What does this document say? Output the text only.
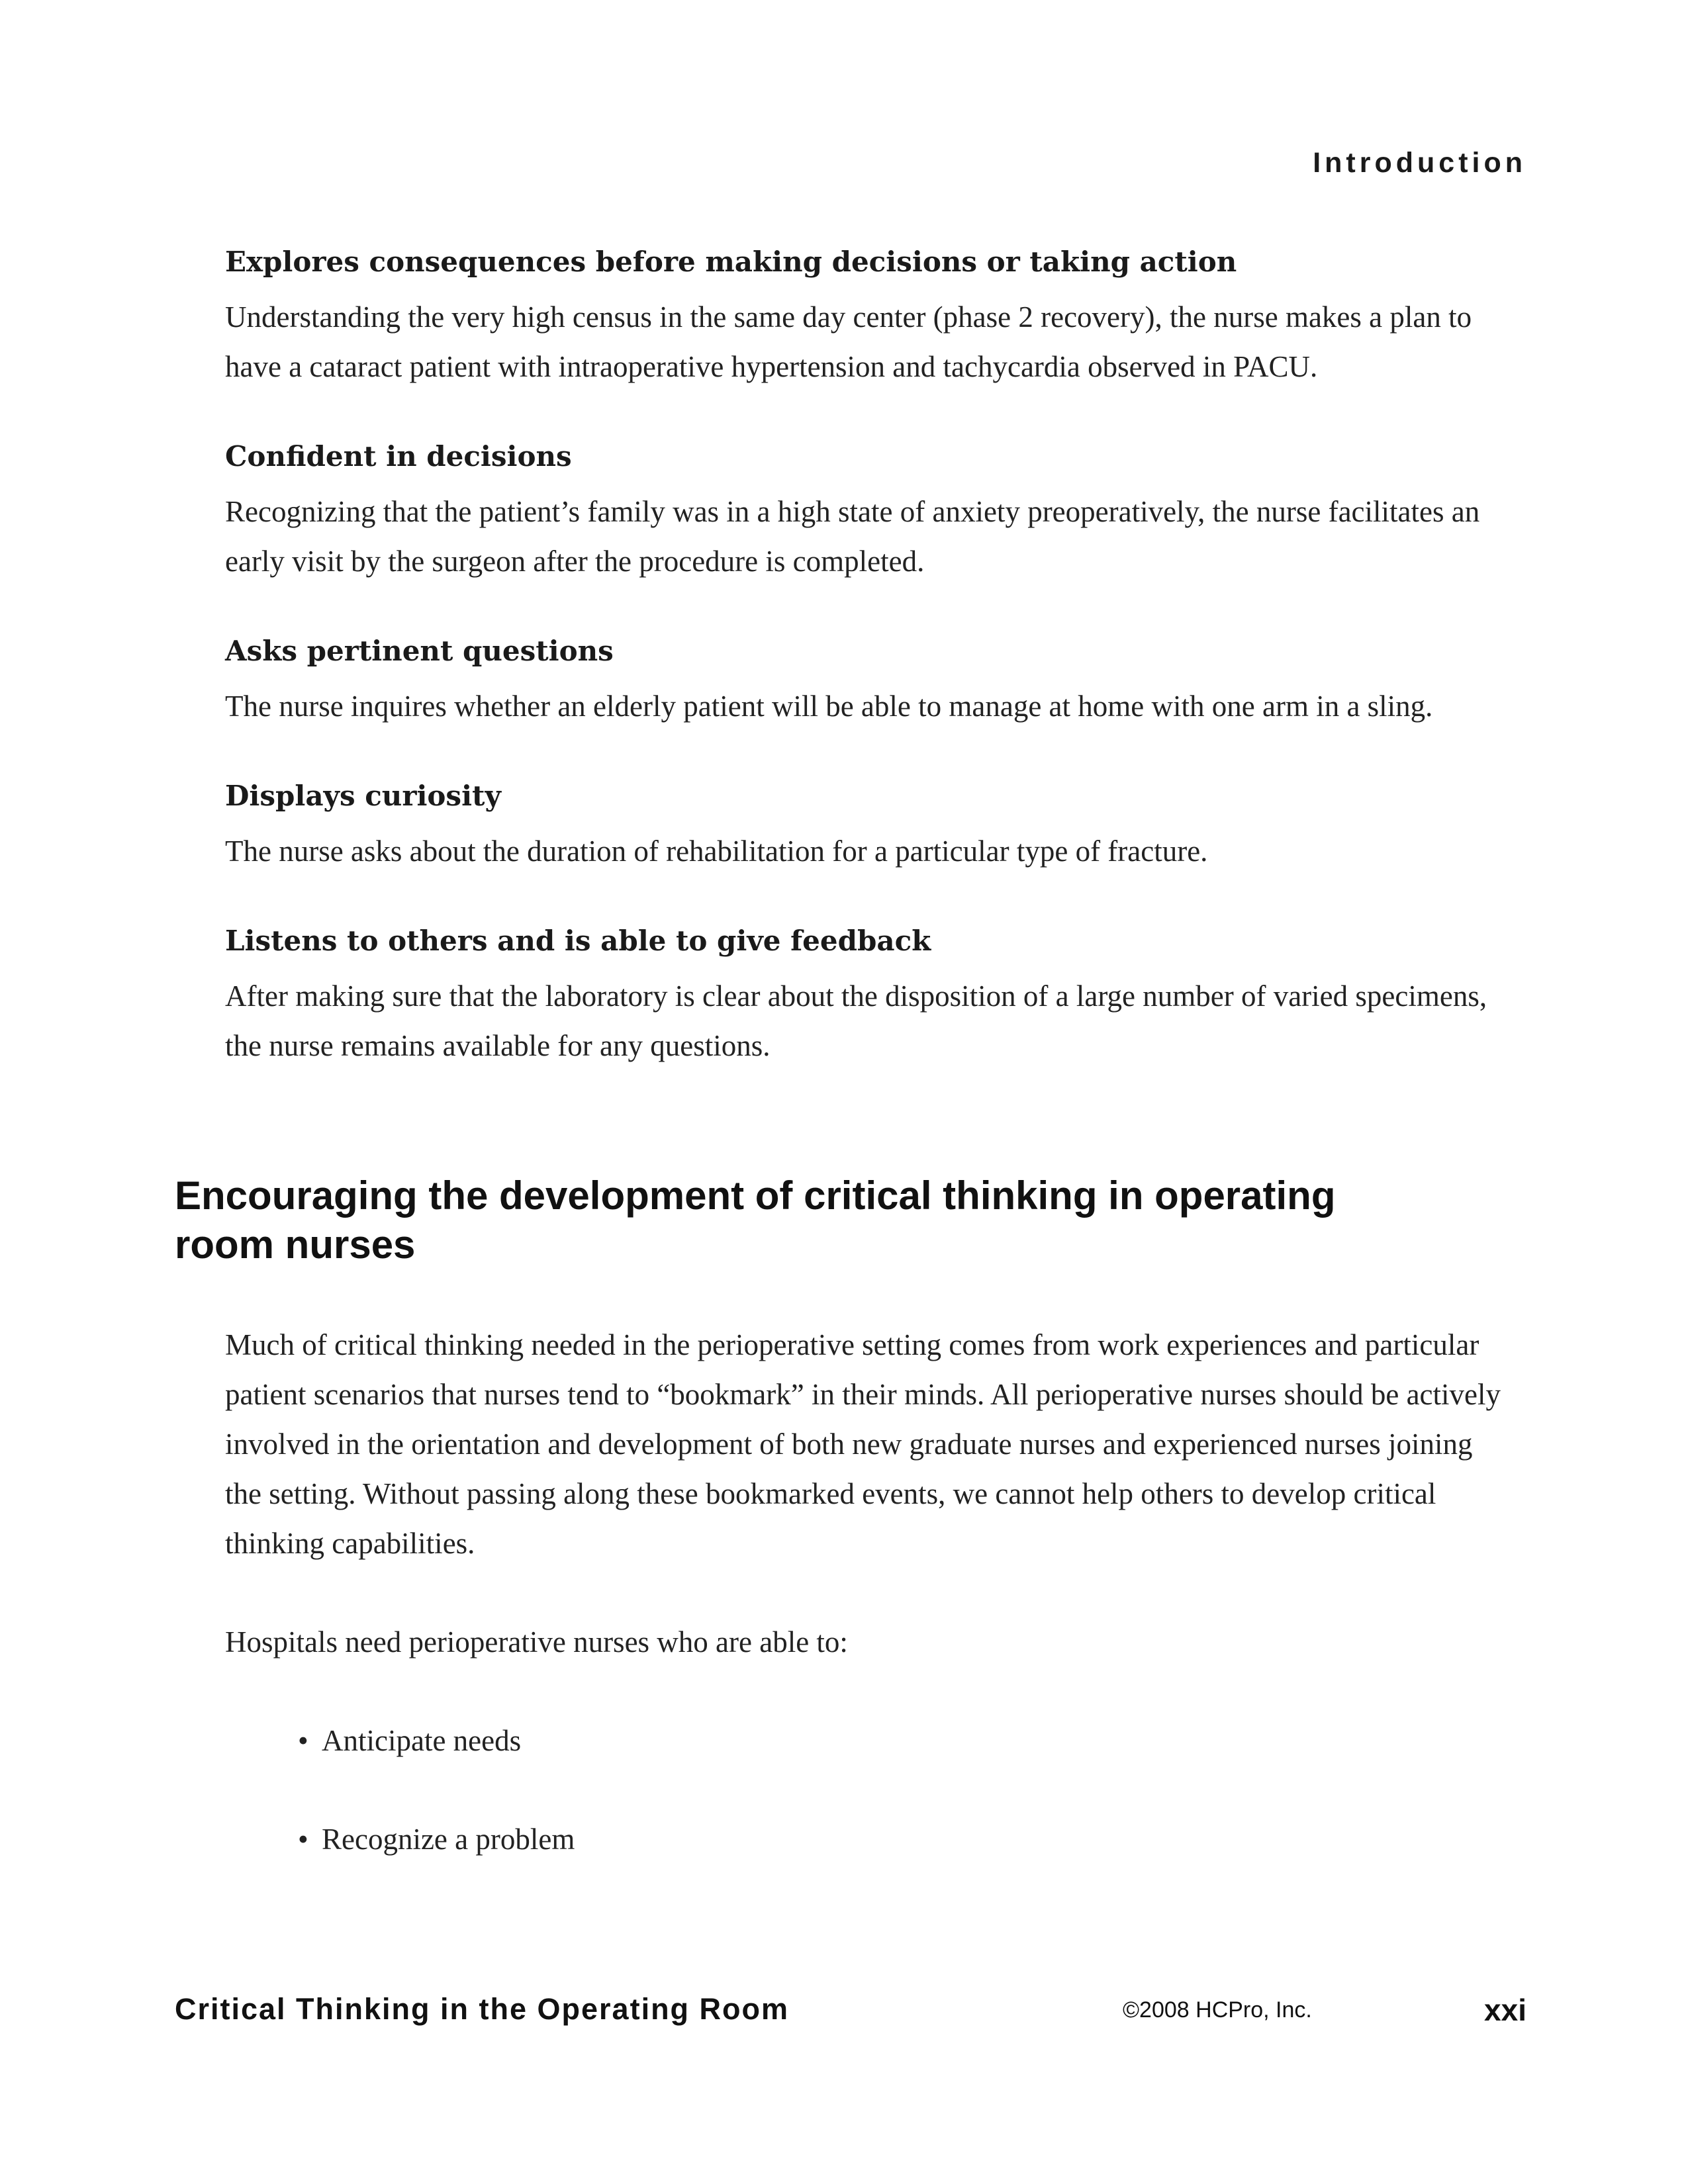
Introduction

Explores consequences before making decisions or taking action

Understanding the very high census in the same day center (phase 2 recovery), the nurse makes a plan to have a cataract patient with intraoperative hypertension and tachycardia observed in PACU.

Confident in decisions

Recognizing that the patient’s family was in a high state of anxiety preoperatively, the nurse facilitates an early visit by the surgeon after the procedure is completed.

Asks pertinent questions

The nurse inquires whether an elderly patient will be able to manage at home with one arm in a sling.

Displays curiosity

The nurse asks about the duration of rehabilitation for a particular type of fracture.

Listens to others and is able to give feedback

After making sure that the laboratory is clear about the disposition of a large number of varied specimens, the nurse remains available for any questions.

Encouraging the development of critical thinking in operating room nurses

Much of critical thinking needed in the perioperative setting comes from work experiences and particular patient scenarios that nurses tend to “bookmark” in their minds. All perioperative nurses should be actively involved in the orientation and development of both new graduate nurses and experienced nurses joining the setting. Without passing along these bookmarked events, we cannot help others to develop critical thinking capabilities.

Hospitals need perioperative nurses who are able to:

• Anticipate needs
• Recognize a problem
Critical Thinking in the Operating Room	©2008 HCPro, Inc.	xxi
